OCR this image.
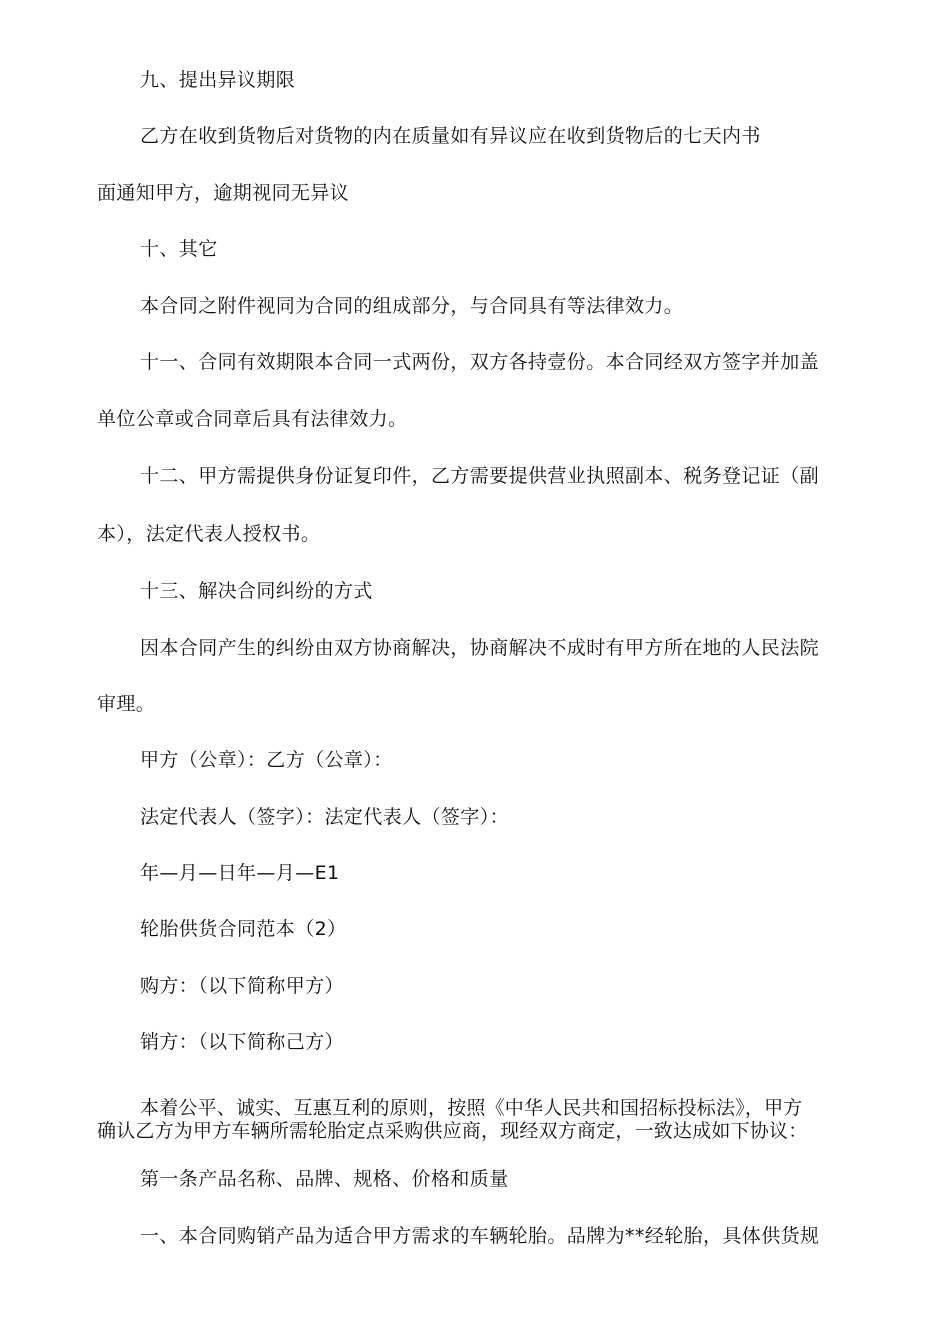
九、提出异议期限
乙方在收到货物后对货物的内在质量如有异议应在收到货物后的七天内书
面通知甲方，逾期视同无异议
十、其它
本合同之附件视同为合同的组成部分，与合同具有等法律效力。
十一、合同有效期限本合同一式两份，双方各持壹份。本合同经双方签字并加盖
单位公章或合同章后具有法律效力。
十二、甲方需提供身份证复印件，乙方需要提供营业执照副本、税务登记证（副
本），法定代表人授权书。
十三、解决合同纠纷的方式
因本合同产生的纠纷由双方协商解决，协商解决不成时有甲方所在地的人民法院
审理。
甲方（公章）：乙方（公章）：
法定代表人（签字）：法定代表人（签字）：
年—月—日年—月—E1
轮胎供货合同范本（2）
购方：（以下简称甲方）
销方：（以下简称己方）
本着公平、诚实、互惠互利的原则，按照《中华人民共和国招标投标法》，甲方
确认乙方为甲方车辆所需轮胎定点采购供应商，现经双方商定，一致达成如下协议：
第一条产品名称、品牌、规格、价格和质量
一、本合同购销产品为适合甲方需求的车辆轮胎。品牌为**经轮胎，具体供货规
